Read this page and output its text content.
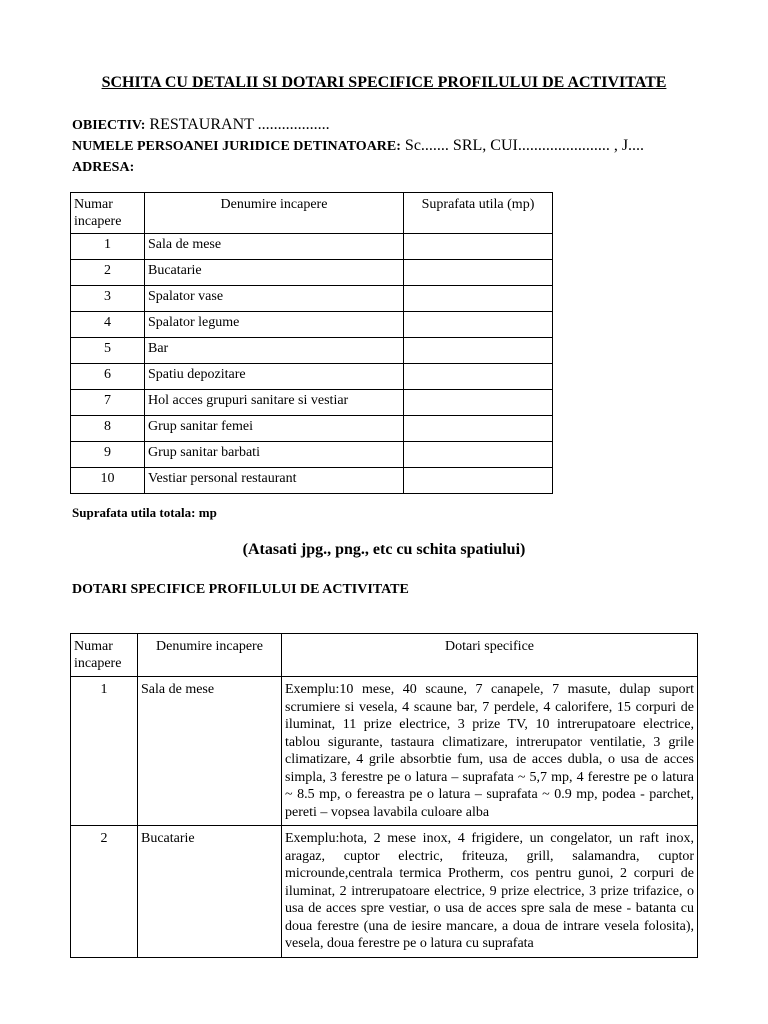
SCHITA CU DETALII SI DOTARI SPECIFICE PROFILULUI DE ACTIVITATE
OBIECTIV: RESTAURANT ..................
NUMELE PERSOANEI JURIDICE DETINATOARE: Sc....... SRL, CUI....................... , J....
ADRESA:
Numar incapere	Denumire incapere	Suprafata utila (mp)
1	Sala de mese	
2	Bucatarie	
3	Spalator vase	
4	Spalator legume	
5	Bar	
6	Spatiu depozitare	
7	Hol acces grupuri sanitare si vestiar	
8	Grup sanitar femei	
9	Grup sanitar barbati	
10	Vestiar personal restaurant	
Suprafata utila totala: mp
(Atasati jpg., png., etc cu schita spatiului)
DOTARI SPECIFICE PROFILULUI DE ACTIVITATE
Numar incapere	Denumire incapere	Dotari specifice
1	Sala de mese	Exemplu:10 mese, 40 scaune, 7 canapele, 7 masute, dulap suport scrumiere si vesela, 4 scaune bar, 7 perdele, 4 calorifere, 15 corpuri de iluminat, 11 prize electrice, 3 prize TV, 10 intrerupatoare electrice, tablou sigurante, tastaura climatizare, intrerupator ventilatie, 3 grile climatizare, 4 grile absorbtie fum, usa de acces dubla, o usa de acces simpla, 3 ferestre pe o latura – suprafata ~ 5,7 mp, 4 ferestre pe o latura ~ 8.5 mp, o fereastra pe o latura – suprafata ~ 0.9 mp, podea - parchet, pereti – vopsea lavabila culoare alba
2	Bucatarie	Exemplu:hota, 2 mese inox, 4 frigidere, un congelator, un raft inox, aragaz, cuptor electric, friteuza, grill, salamandra, cuptor microunde,centrala termica Protherm, cos pentru gunoi, 2 corpuri de iluminat, 2 intrerupatoare electrice, 9 prize electrice, 3 prize trifazice, o usa de acces spre vestiar, o usa de acces spre sala de mese - batanta cu doua ferestre (una de iesire mancare, a doua de intrare vesela folosita), vesela, doua ferestre pe o latura cu suprafata
